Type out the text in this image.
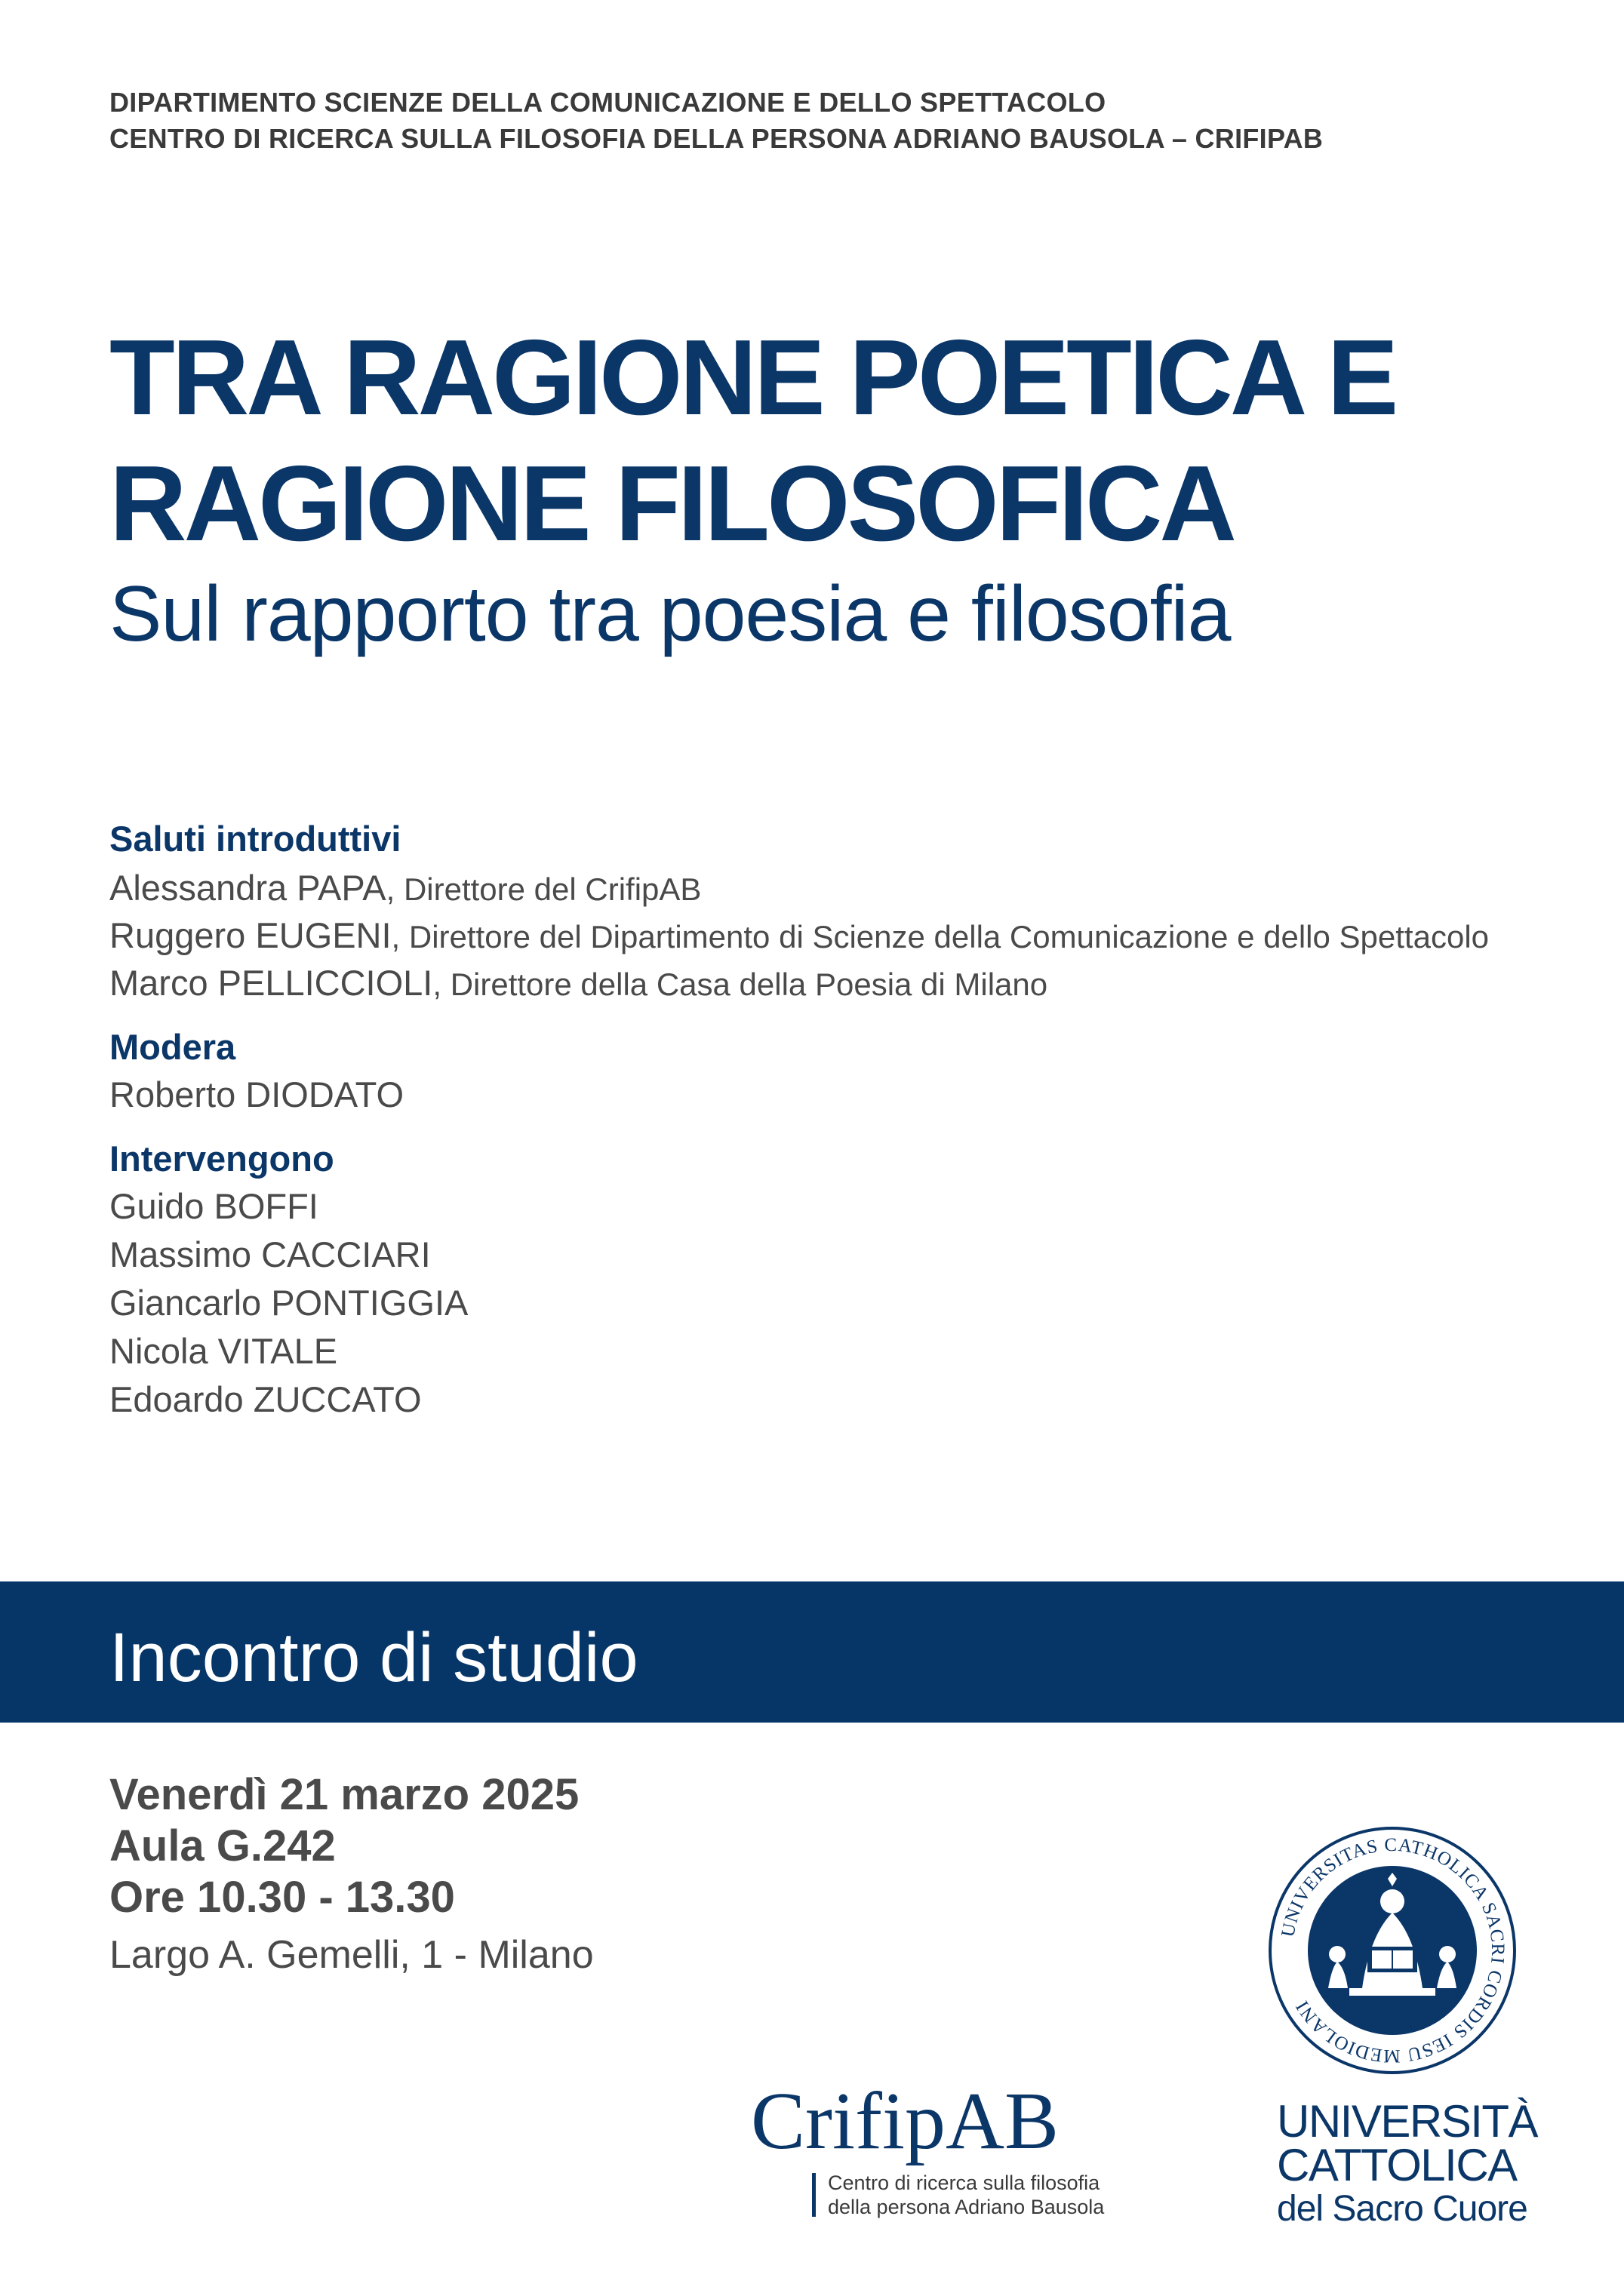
DIPARTIMENTO SCIENZE DELLA COMUNICAZIONE E DELLO SPETTACOLO
CENTRO DI RICERCA SULLA FILOSOFIA DELLA PERSONA ADRIANO BAUSOLA – CRIFIPAB
TRA RAGIONE POETICA E
RAGIONE FILOSOFICA
Sul rapporto tra poesia e filosofia
Saluti introduttivi
Alessandra PAPA, Direttore del CrifipAB
Ruggero EUGENI, Direttore del Dipartimento di Scienze della Comunicazione e dello Spettacolo
Marco PELLICCIOLI, Direttore della Casa della Poesia di Milano
Modera
Roberto DIODATO
Intervengono
Guido BOFFI
Massimo CACCIARI
Giancarlo PONTIGGIA
Nicola VITALE
Edoardo ZUCCATO
Incontro di studio
Venerdì 21 marzo 2025
Aula G.242
Ore 10.30 - 13.30
Largo A. Gemelli, 1 - Milano
CrifipAB
Centro di ricerca sulla filosofia
della persona Adriano Bausola
UNIVERSITAS CATHOLICA SACRI CORDIS IESU MEDIOLANI
UNIVERSITÀ
CATTOLICA
del Sacro Cuore
